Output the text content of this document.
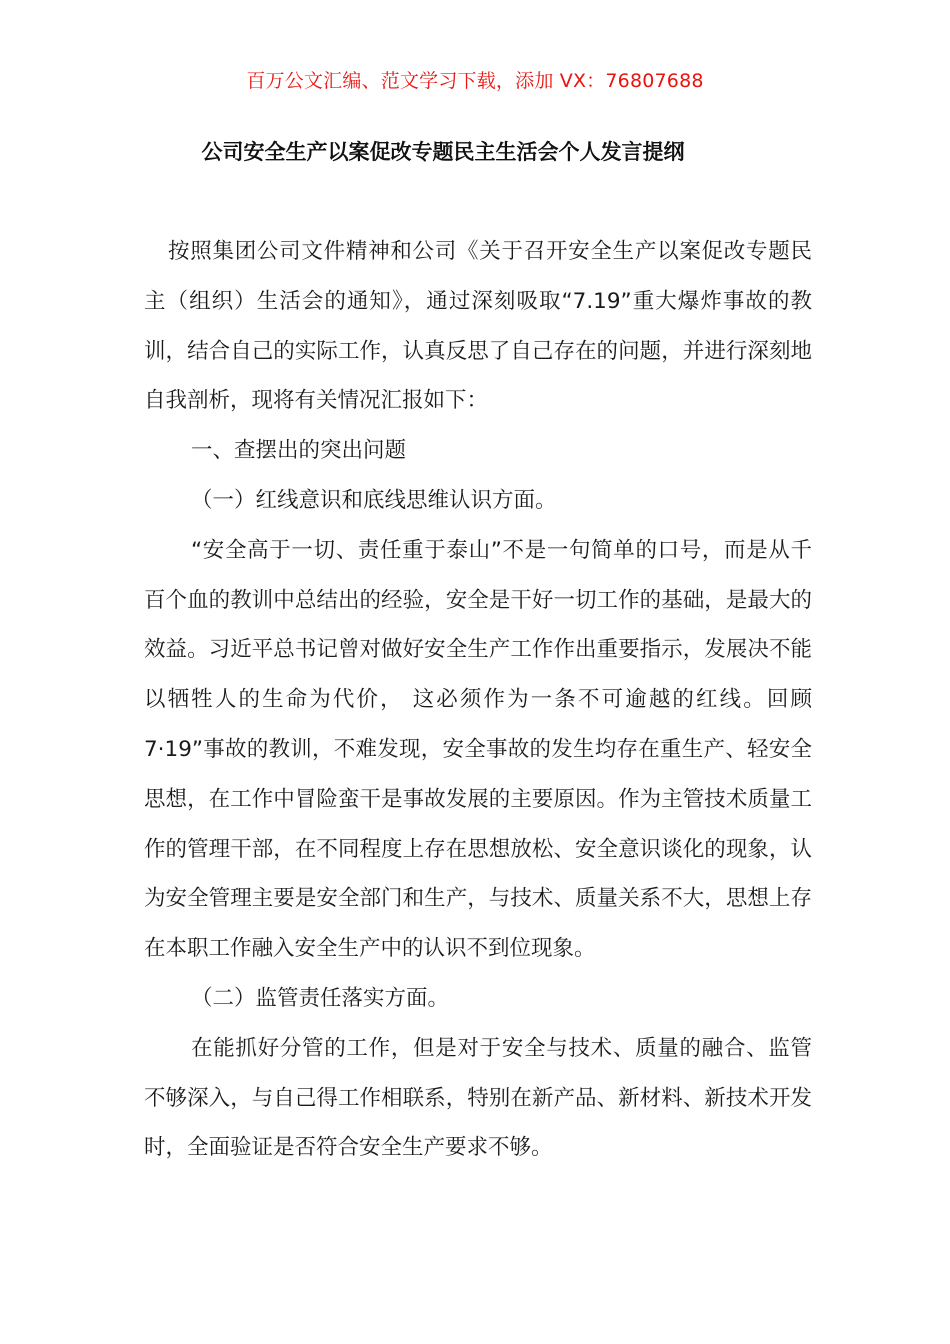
百万公文汇编、范文学习下载，添加 VX：76807688
公司安全生产以案促改专题民主生活会个人发言提纲

按照集团公司文件精神和公司《关于召开安全生产以案促改专题民主（组织）生活会的通知》，通过深刻吸取“7.19”重大爆炸事故的教训，结合自己的实际工作，认真反思了自己存在的问题，并进行深刻地自我剖析，现将有关情况汇报如下：

一、查摆出的突出问题

（一）红线意识和底线思维认识方面。

“安全高于一切、责任重于泰山”不是一句简单的口号，而是从千百个血的教训中总结出的经验，安全是干好一切工作的基础，是最大的效益。习近平总书记曾对做好安全生产工作作出重要指示，发展决不能以牺牲人的生命为代价， 这必须作为一条不可逾越的红线。回顾 7·19”事故的教训，不难发现，安全事故的发生均存在重生产、轻安全思想，在工作中冒险蛮干是事故发展的主要原因。作为主管技术质量工作的管理干部，在不同程度上存在思想放松、安全意识谈化的现象，认为安全管理主要是安全部门和生产，与技术、质量关系不大，思想上存在本职工作融入安全生产中的认识不到位现象。

（二）监管责任落实方面。

在能抓好分管的工作，但是对于安全与技术、质量的融合、监管不够深入，与自己得工作相联系，特别在新产品、新材料、新技术开发时，全面验证是否符合安全生产要求不够。
